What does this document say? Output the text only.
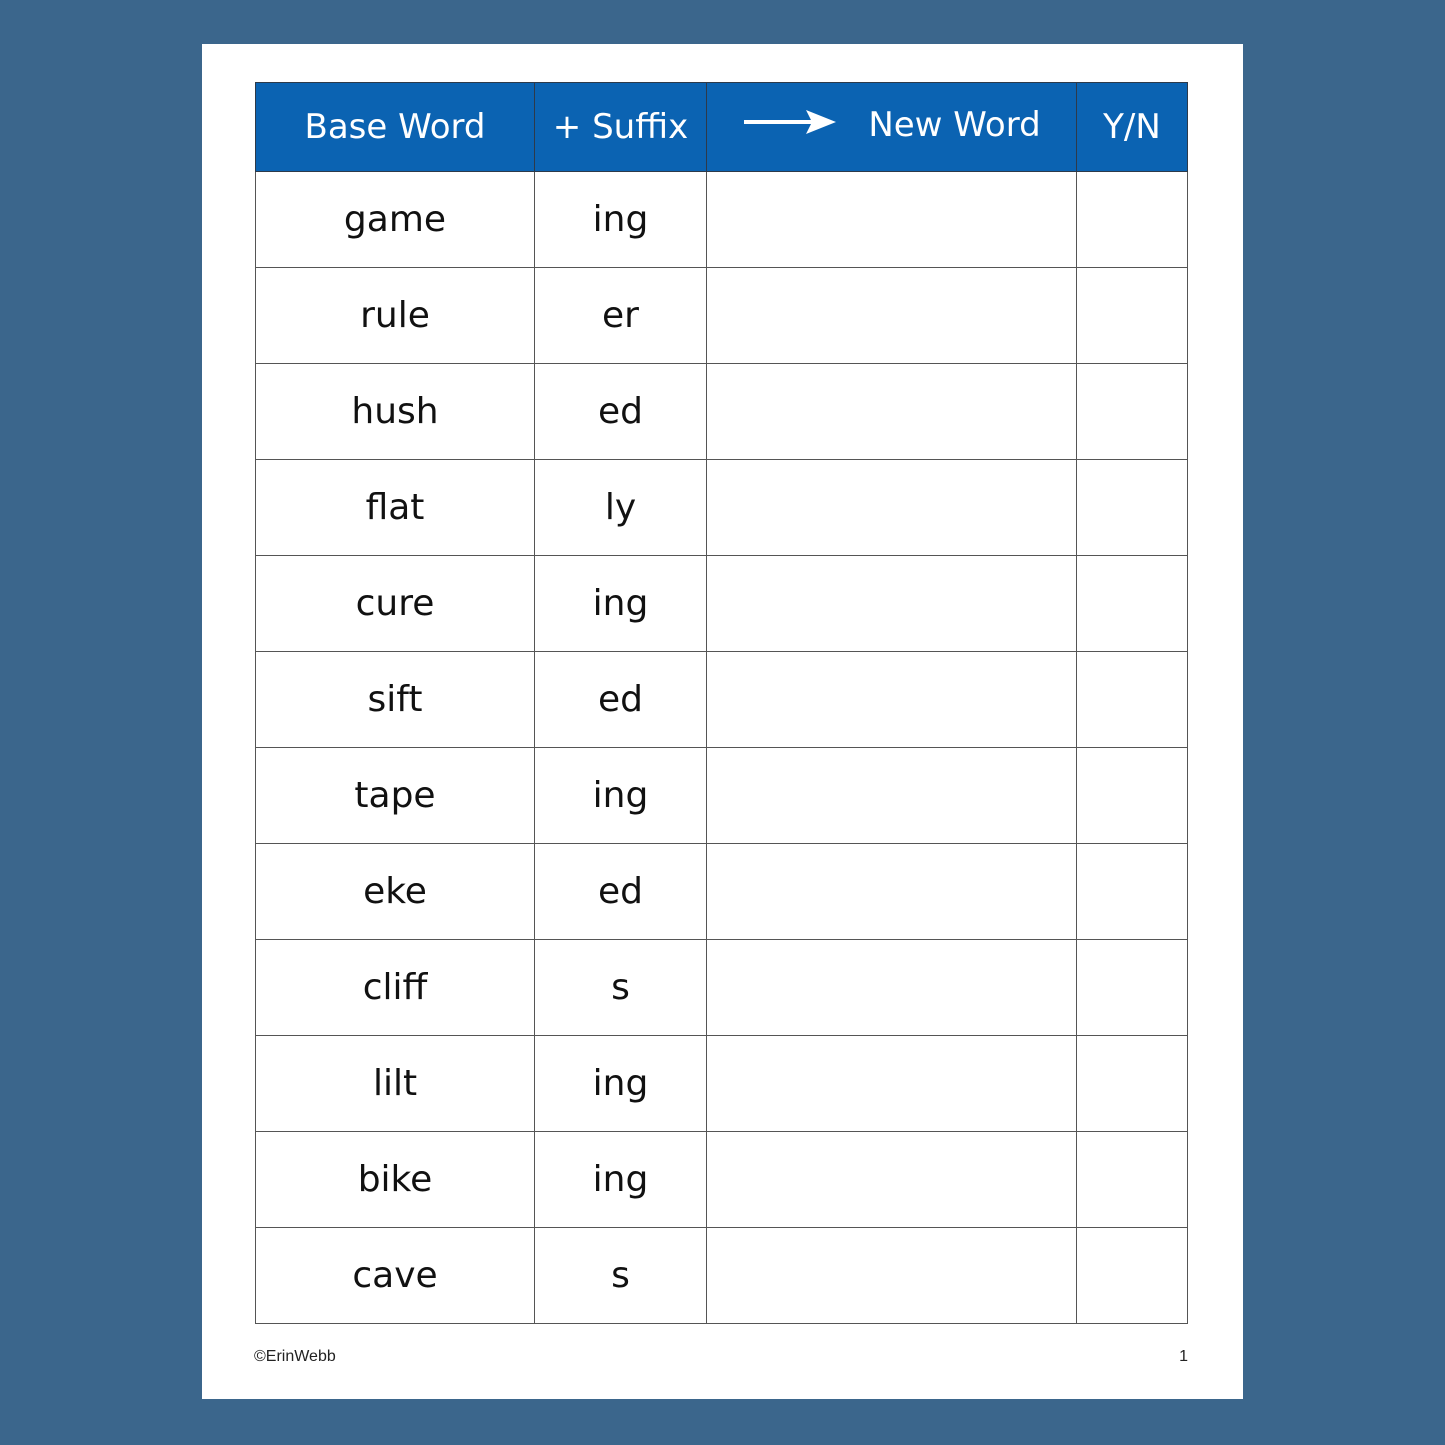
Base Word	+ Suffix	New Word	Y/N
game	ing		
rule	er		
hush	ed		
flat	ly		
cure	ing		
sift	ed		
tape	ing		
eke	ed		
cliff	s		
lilt	ing		
bike	ing		
cave	s		
©ErinWebb	1
